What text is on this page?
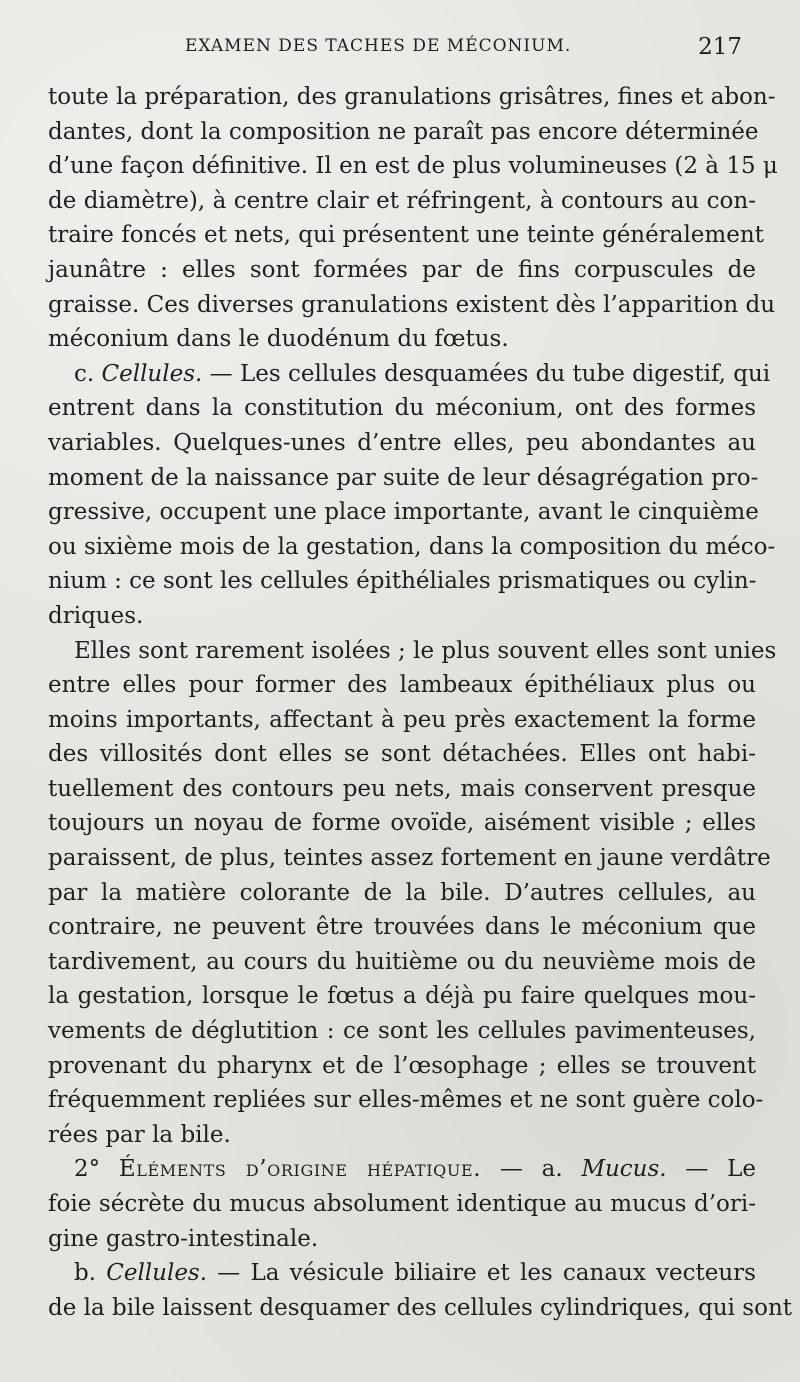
EXAMEN DES TACHES DE MÉCONIUM.	217
toute la préparation, des granulations grisâtres, fines et abon-
dantes, dont la composition ne paraît pas encore déterminée
d’une façon définitive. Il en est de plus volumineuses (2 à 15 μ
de diamètre), à centre clair et réfringent, à contours au con-
traire foncés et nets, qui présentent une teinte généralement
jaunâtre : elles sont formées par de fins corpuscules de
graisse. Ces diverses granulations existent dès l’apparition du
méconium dans le duodénum du fœtus.
c. Cellules. — Les cellules desquamées du tube digestif, qui
entrent dans la constitution du méconium, ont des formes
variables. Quelques-unes d’entre elles, peu abondantes au
moment de la naissance par suite de leur désagrégation pro-
gressive, occupent une place importante, avant le cinquième
ou sixième mois de la gestation, dans la composition du méco-
nium : ce sont les cellules épithéliales prismatiques ou cylin-
driques.
Elles sont rarement isolées ; le plus souvent elles sont unies
entre elles pour former des lambeaux épithéliaux plus ou
moins importants, affectant à peu près exactement la forme
des villosités dont elles se sont détachées. Elles ont habi-
tuellement des contours peu nets, mais conservent presque
toujours un noyau de forme ovoïde, aisément visible ; elles
paraissent, de plus, teintes assez fortement en jaune verdâtre
par la matière colorante de la bile. D’autres cellules, au
contraire, ne peuvent être trouvées dans le méconium que
tardivement, au cours du huitième ou du neuvième mois de
la gestation, lorsque le fœtus a déjà pu faire quelques mou-
vements de déglutition : ce sont les cellules pavimenteuses,
provenant du pharynx et de l’œsophage ; elles se trouvent
fréquemment repliées sur elles-mêmes et ne sont guère colo-
rées par la bile.
2° Éléments d’origine hépatique. — a. Mucus. — Le
foie sécrète du mucus absolument identique au mucus d’ori-
gine gastro-intestinale.
b. Cellules. — La vésicule biliaire et les canaux vecteurs
de la bile laissent desquamer des cellules cylindriques, qui sont
